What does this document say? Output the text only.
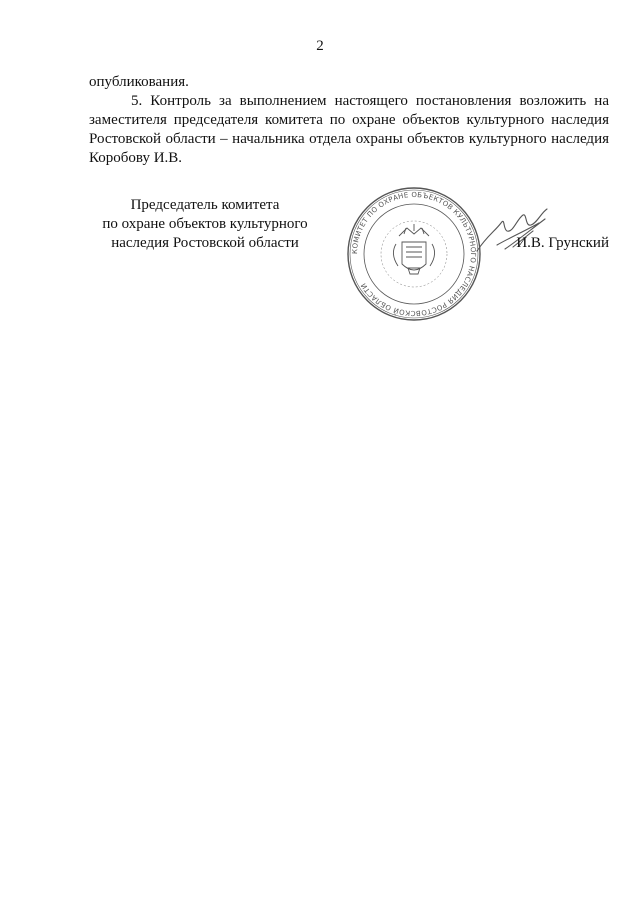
2

опубликования.

5. Контроль за выполнением настоящего постановления возложить на заместителя председателя комитета по охране объектов культурного наследия Ростовской области – начальника отдела охраны объектов культурного наследия Коробову И.В.

Председатель комитета
по охране объектов культурного
наследия Ростовской области
КОМИТЕТ ПО ОХРАНЕ ОБЪЕКТОВ КУЛЬТУРНОГО НАСЛЕДИЯ РОСТОВСКОЙ ОБЛАСТИ
И.В. Грунский
